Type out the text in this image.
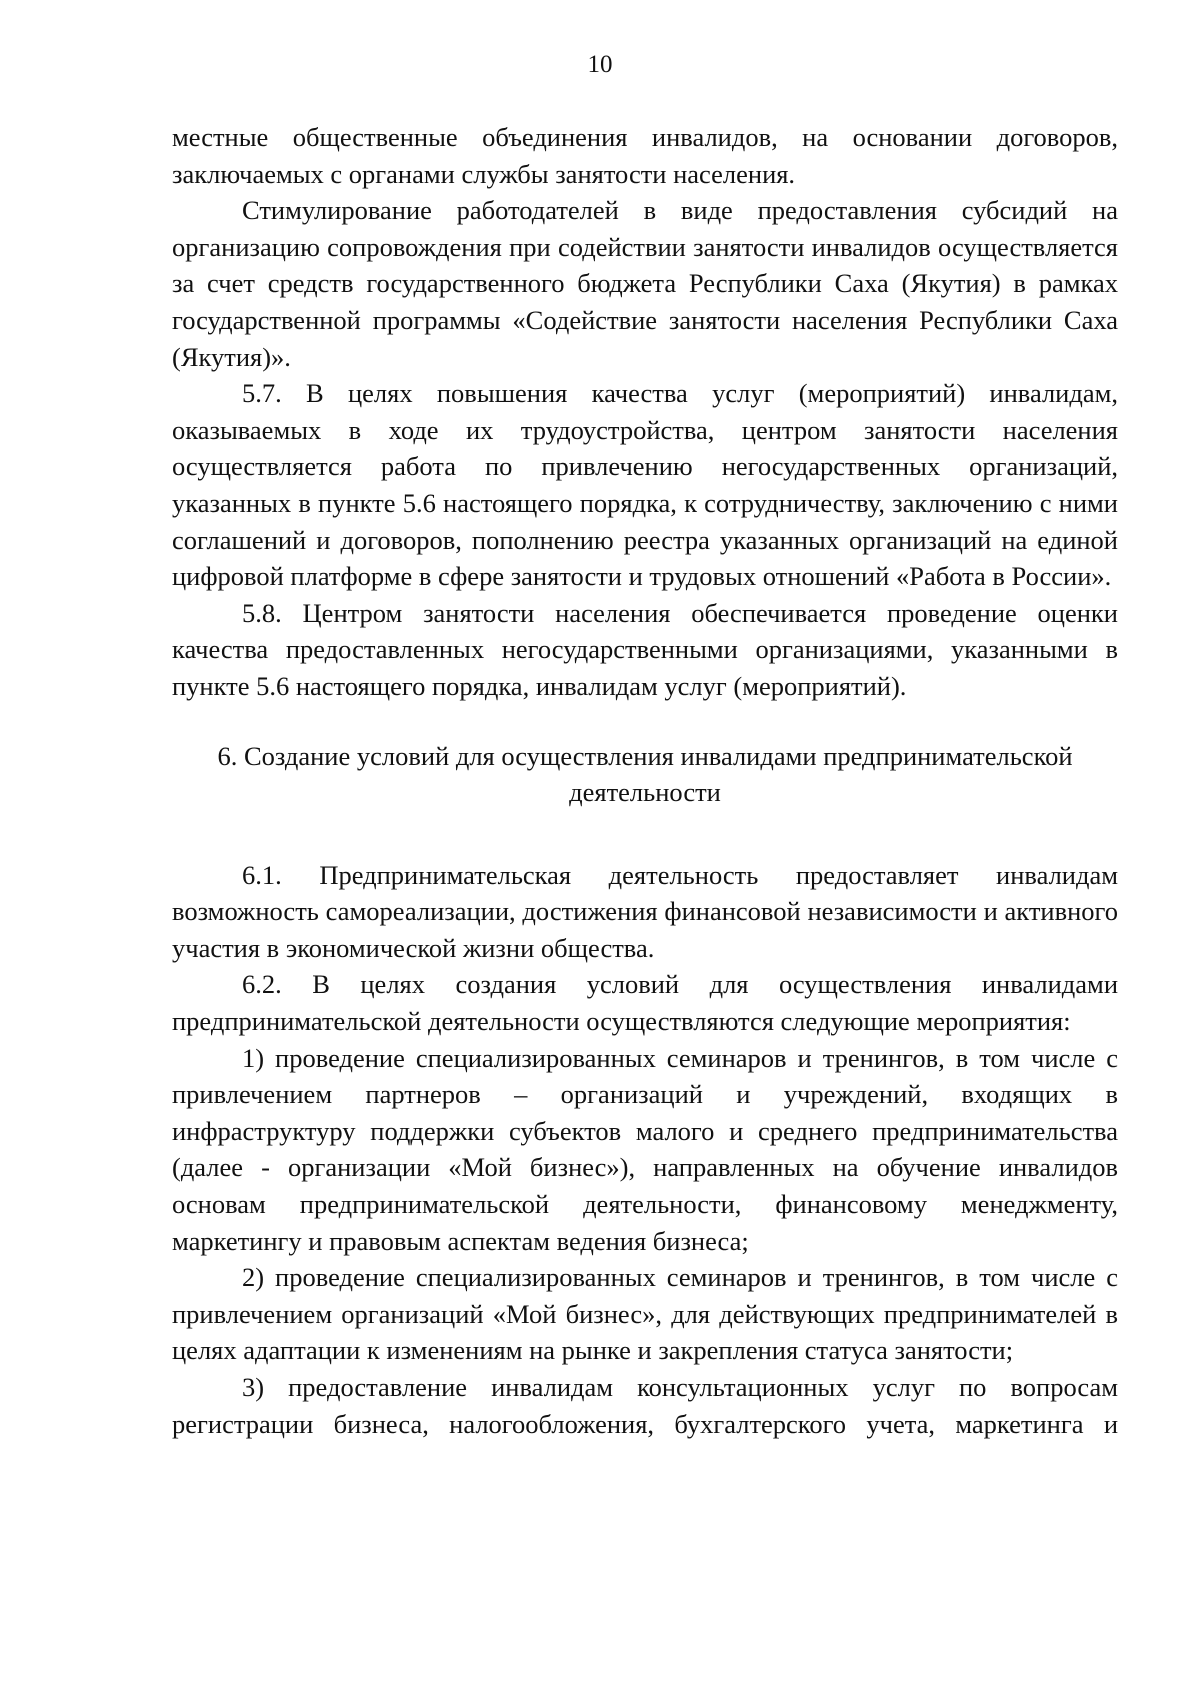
10

местные общественные объединения инвалидов, на основании договоров, заключаемых с органами службы занятости населения.

Стимулирование работодателей в виде предоставления субсидий на организацию сопровождения при содействии занятости инвалидов осуществляется за счет средств государственного бюджета Республики Саха (Якутия) в рамках государственной программы «Содействие занятости населения Республики Саха (Якутия)».

5.7. В целях повышения качества услуг (мероприятий) инвалидам, оказываемых в ходе их трудоустройства, центром занятости населения осуществляется работа по привлечению негосударственных организаций, указанных в пункте 5.6 настоящего порядка, к сотрудничеству, заключению с ними соглашений и договоров, пополнению реестра указанных организаций на единой цифровой платформе в сфере занятости и трудовых отношений «Работа в России».

5.8. Центром занятости населения обеспечивается проведение оценки качества предоставленных негосударственными организациями, указанными в пункте 5.6 настоящего порядка, инвалидам услуг (мероприятий).

6. Создание условий для осуществления инвалидами предпринимательской
деятельности

6.1. Предпринимательская деятельность предоставляет инвалидам возможность самореализации, достижения финансовой независимости и активного участия в экономической жизни общества.

6.2. В целях создания условий для осуществления инвалидами предпринимательской деятельности осуществляются следующие мероприятия:

1) проведение специализированных семинаров и тренингов, в том числе с привлечением партнеров – организаций и учреждений, входящих в инфраструктуру поддержки субъектов малого и среднего предпринимательства (далее - организации «Мой бизнес»), направленных на обучение инвалидов основам предпринимательской деятельности, финансовому менеджменту, маркетингу и правовым аспектам ведения бизнеса;

2) проведение специализированных семинаров и тренингов, в том числе с привлечением организаций «Мой бизнес», для действующих предпринимателей в целях адаптации к изменениям на рынке и закрепления статуса занятости;

3) предоставление инвалидам консультационных услуг по вопросам регистрации бизнеса, налогообложения, бухгалтерского учета, маркетинга и
